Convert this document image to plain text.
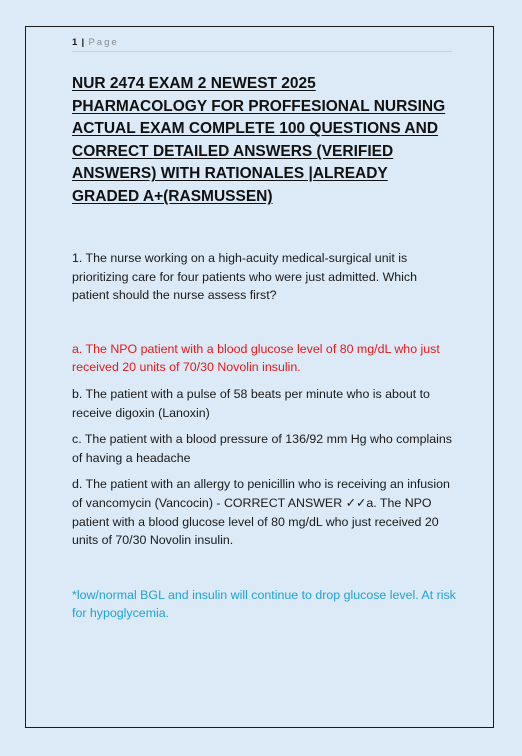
1 | Page
NUR 2474 EXAM 2 NEWEST 2025 PHARMACOLOGY FOR PROFFESIONAL NURSING ACTUAL EXAM COMPLETE 100 QUESTIONS AND CORRECT DETAILED ANSWERS (VERIFIED ANSWERS) WITH RATIONALES |ALREADY GRADED A+(RASMUSSEN)

1. The nurse working on a high-acuity medical-surgical unit is prioritizing care for four patients who were just admitted. Which patient should the nurse assess first?

a. The NPO patient with a blood glucose level of 80 mg/dL who just received 20 units of 70/30 Novolin insulin.

b. The patient with a pulse of 58 beats per minute who is about to receive digoxin (Lanoxin)

c. The patient with a blood pressure of 136/92 mm Hg who complains of having a headache

d. The patient with an allergy to penicillin who is receiving an infusion of vancomycin (Vancocin) - CORRECT ANSWER ✓✓a. The NPO patient with a blood glucose level of 80 mg/dL who just received 20 units of 70/30 Novolin insulin.

*low/normal BGL and insulin will continue to drop glucose level. At risk for hypoglycemia.
